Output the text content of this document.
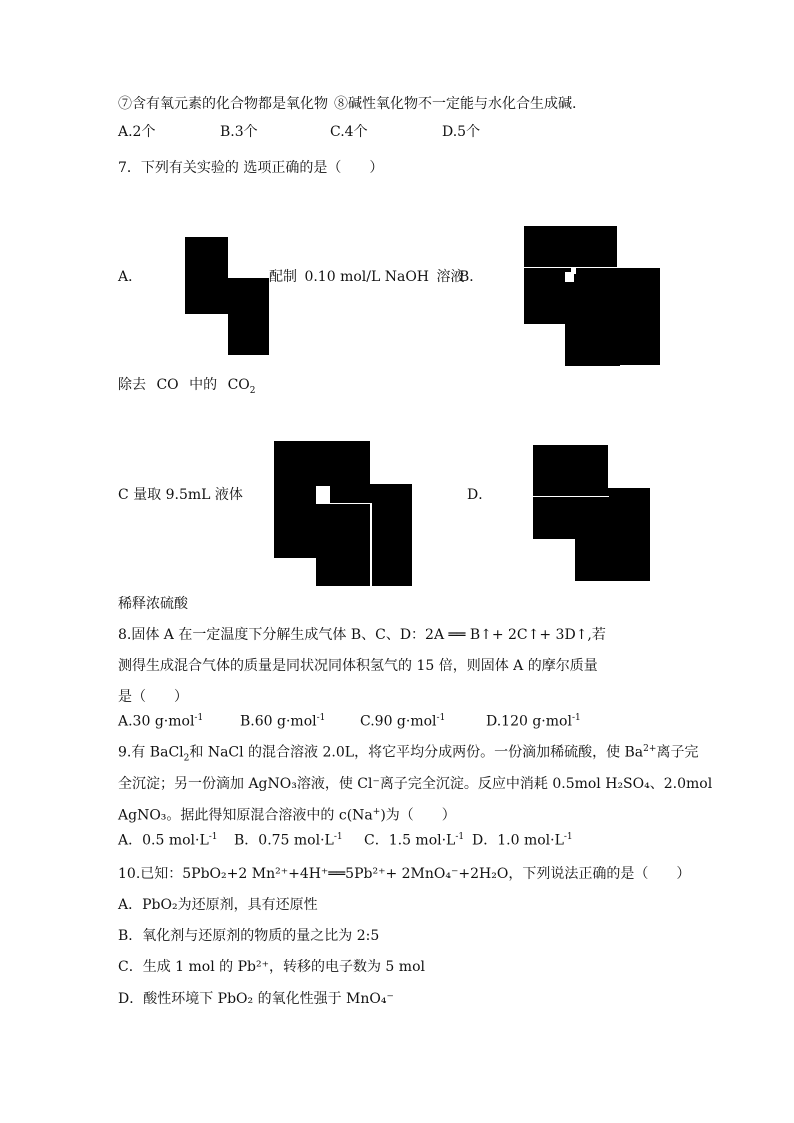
⑦含有氧元素的化合物都是氧化物 ⑧碱性氧化物不一定能与水化合生成碱.
A.2个	B.3个	C.4个	D.5个
7．下列有关实验的 选项正确的是（　　）
A．	配制 0.10 mol/L NaOH 溶液
B．
除去 CO 中的 $CO_2$
C 量取 9.5mL 液体	D．
稀释浓硫酸
8.固体 A 在一定温度下分解生成气体 B、C、D：2A ══ B↑+ 2C↑+ 3D↑,若
测得生成混合气体的质量是同状况同体积氢气的 15 倍，则固体 A 的摩尔质量
是（　　）
A.30 g·mol$^{-1}$	B.60 g·mol$^{-1}$ C.90 g·mol$^{-1}$	D.120 g·mol$^{-1}$
9.有 BaCl$_2$和 NaCl 的混合溶液 2.0L，将它平均分成两份。一份滴加稀硫酸，使 $Ba^{2+}$离子完
全沉淀；另一份滴加 AgNO₃溶液，使 Cl⁻离子完全沉淀。反应中消耗 0.5mol H₂SO₄、2.0mol
AgNO₃。据此得知原混合溶液中的 c(Na+)为（　　）
A．0.5 $mol\cdot L^{-1}$ B．0.75 $mol\cdot L^{-1}$ C．1.5 $mol\cdot L^{-1}$ D．1.0 $mol\cdot L^{-1}$
10.已知：5PbO₂+2 Mn²⁺+4H⁺══5Pb²⁺+ 2MnO₄⁻+2H₂O，下列说法正确的是（　　）
A．PbO₂为还原剂，具有还原性
B．氧化剂与还原剂的物质的量之比为 2:5
C．生成 1 mol 的 Pb²⁺，转移的电子数为 5 mol
D．酸性环境下 PbO₂ 的氧化性强于 MnO₄⁻
